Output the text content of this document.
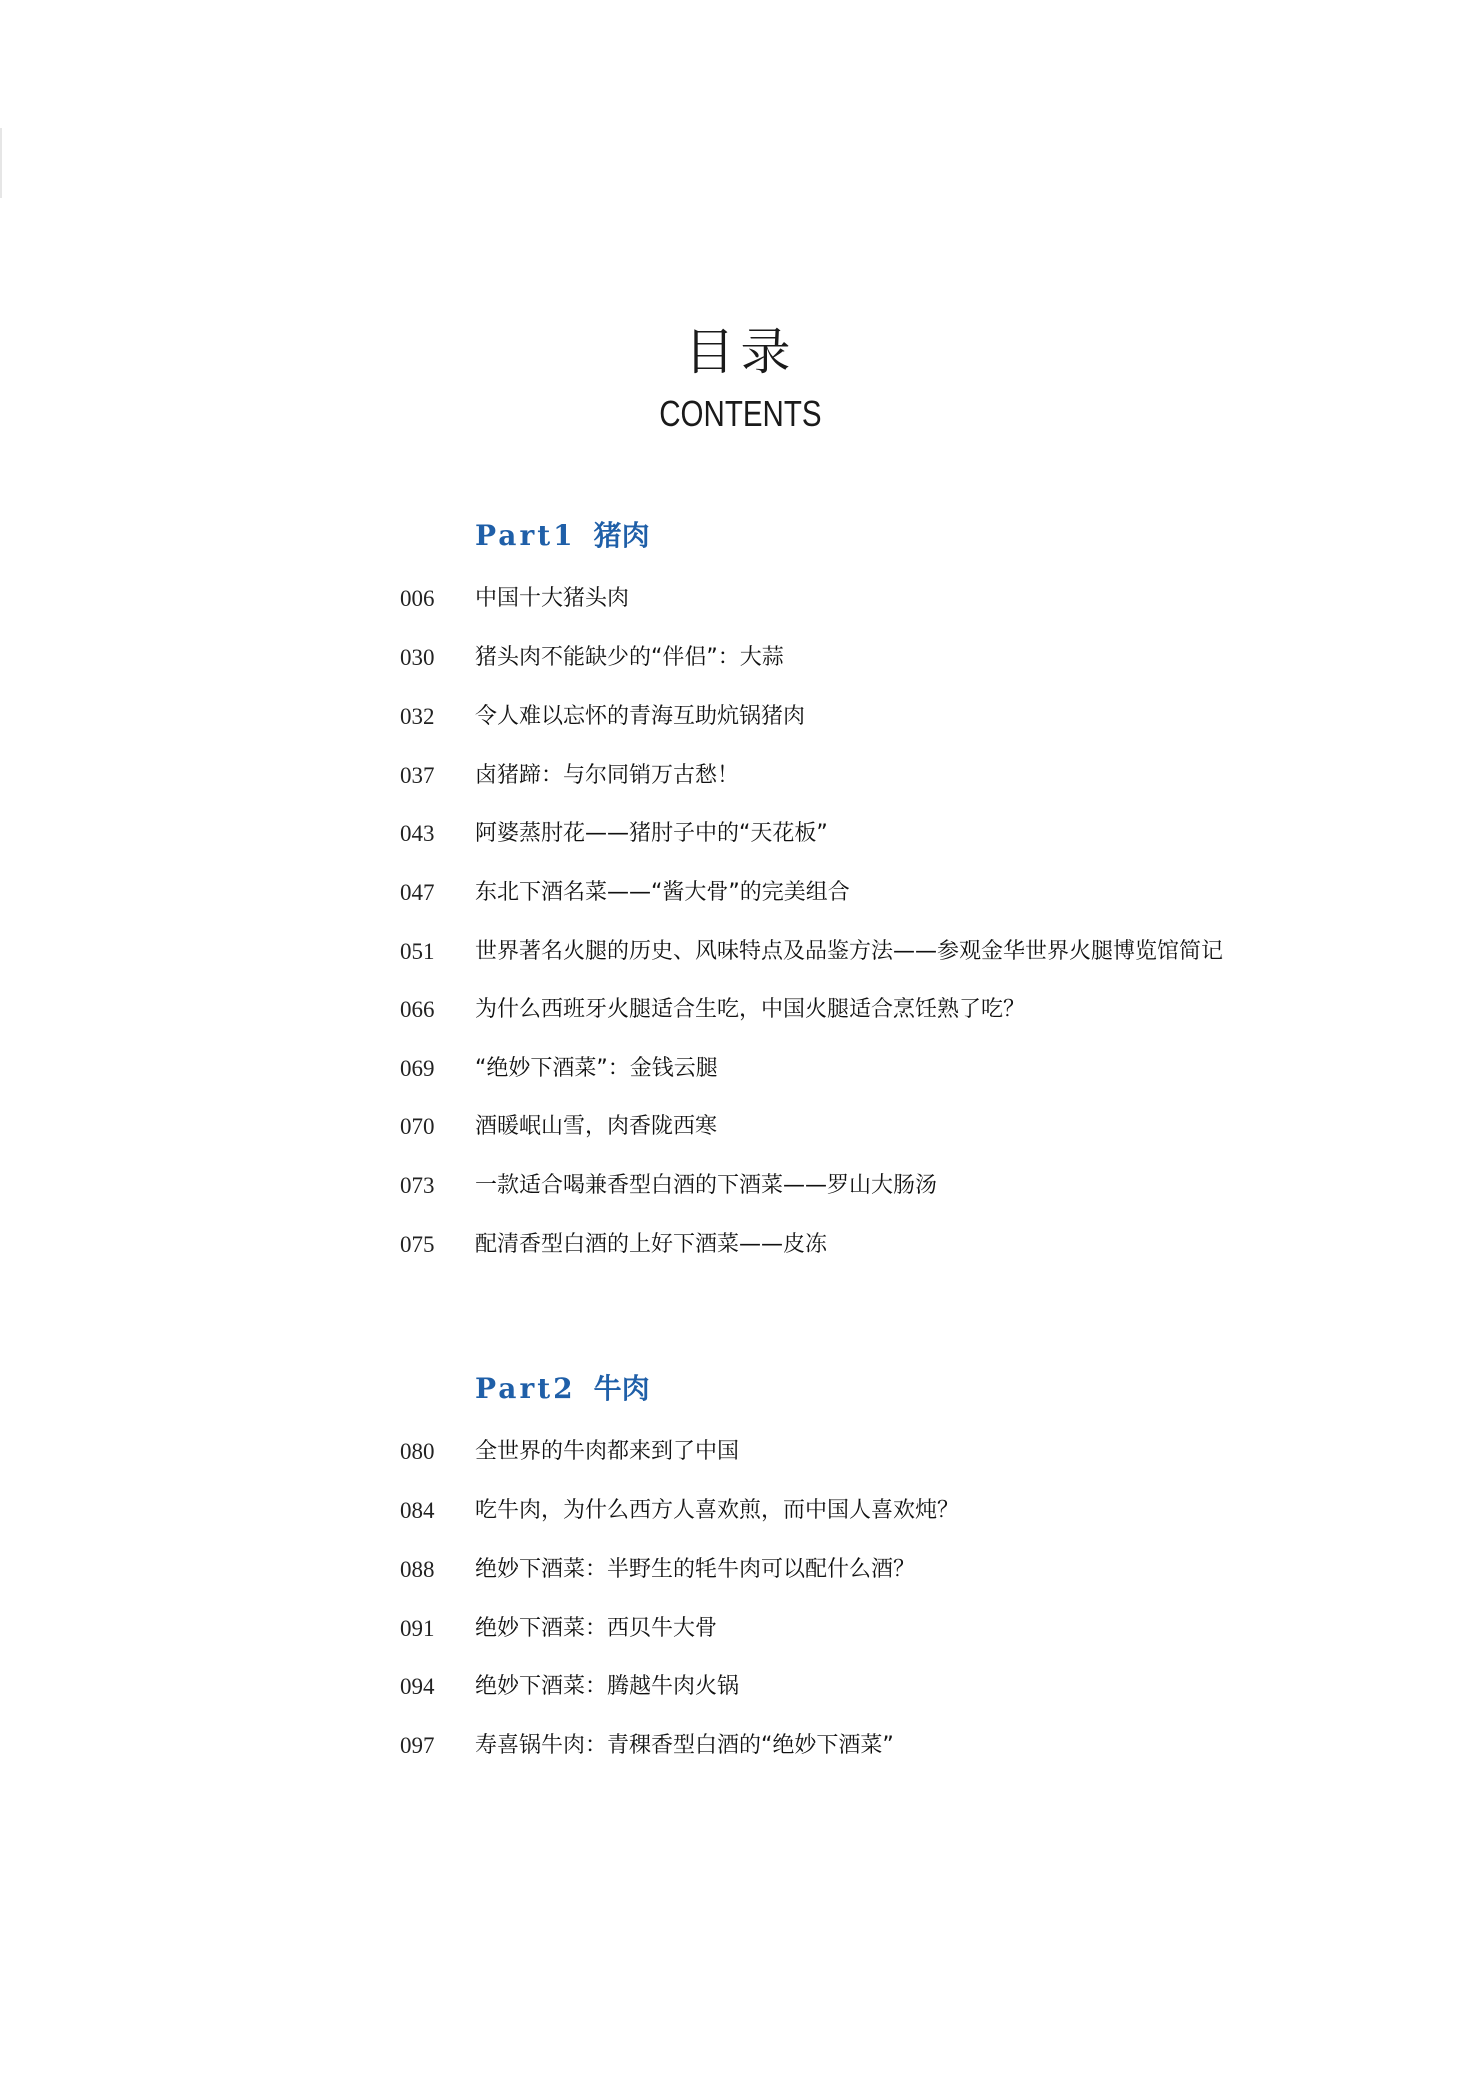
目录
CONTENTS
Part1 猪肉
006	中国十大猪头肉
030	猪头肉不能缺少的“伴侣”：大蒜
032	令人难以忘怀的青海互助炕锅猪肉
037	卤猪蹄：与尔同销万古愁！
043	阿婆蒸肘花——猪肘子中的“天花板”
047	东北下酒名菜——“酱大骨”的完美组合
051	世界著名火腿的历史、风味特点及品鉴方法——参观金华世界火腿博览馆简记
066	为什么西班牙火腿适合生吃，中国火腿适合烹饪熟了吃？
069	“绝妙下酒菜”：金钱云腿
070	酒暖岷山雪，肉香陇西寒
073	一款适合喝兼香型白酒的下酒菜——罗山大肠汤
075	配清香型白酒的上好下酒菜——皮冻
Part2 牛肉
080	全世界的牛肉都来到了中国
084	吃牛肉，为什么西方人喜欢煎，而中国人喜欢炖？
088	绝妙下酒菜：半野生的牦牛肉可以配什么酒？
091	绝妙下酒菜：西贝牛大骨
094	绝妙下酒菜：腾越牛肉火锅
097	寿喜锅牛肉：青稞香型白酒的“绝妙下酒菜”
